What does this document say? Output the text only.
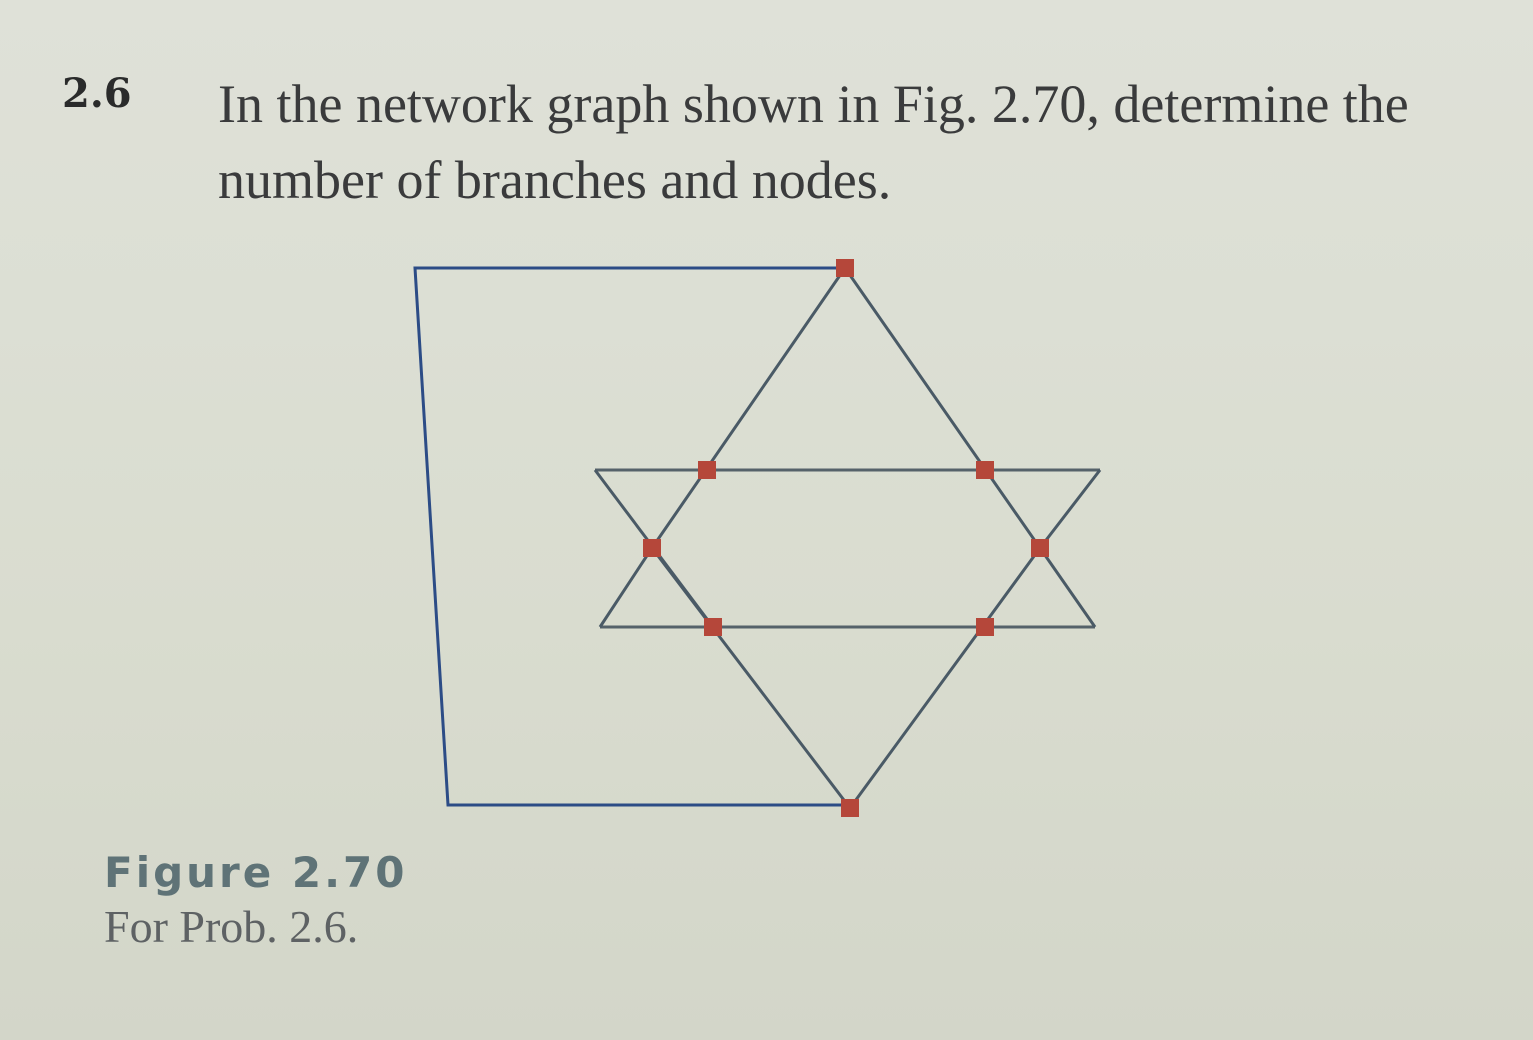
2.6 In the network graph shown in Fig. 2.70, determine the
number of branches and nodes.
Figure 2.70
For Prob. 2.6.
